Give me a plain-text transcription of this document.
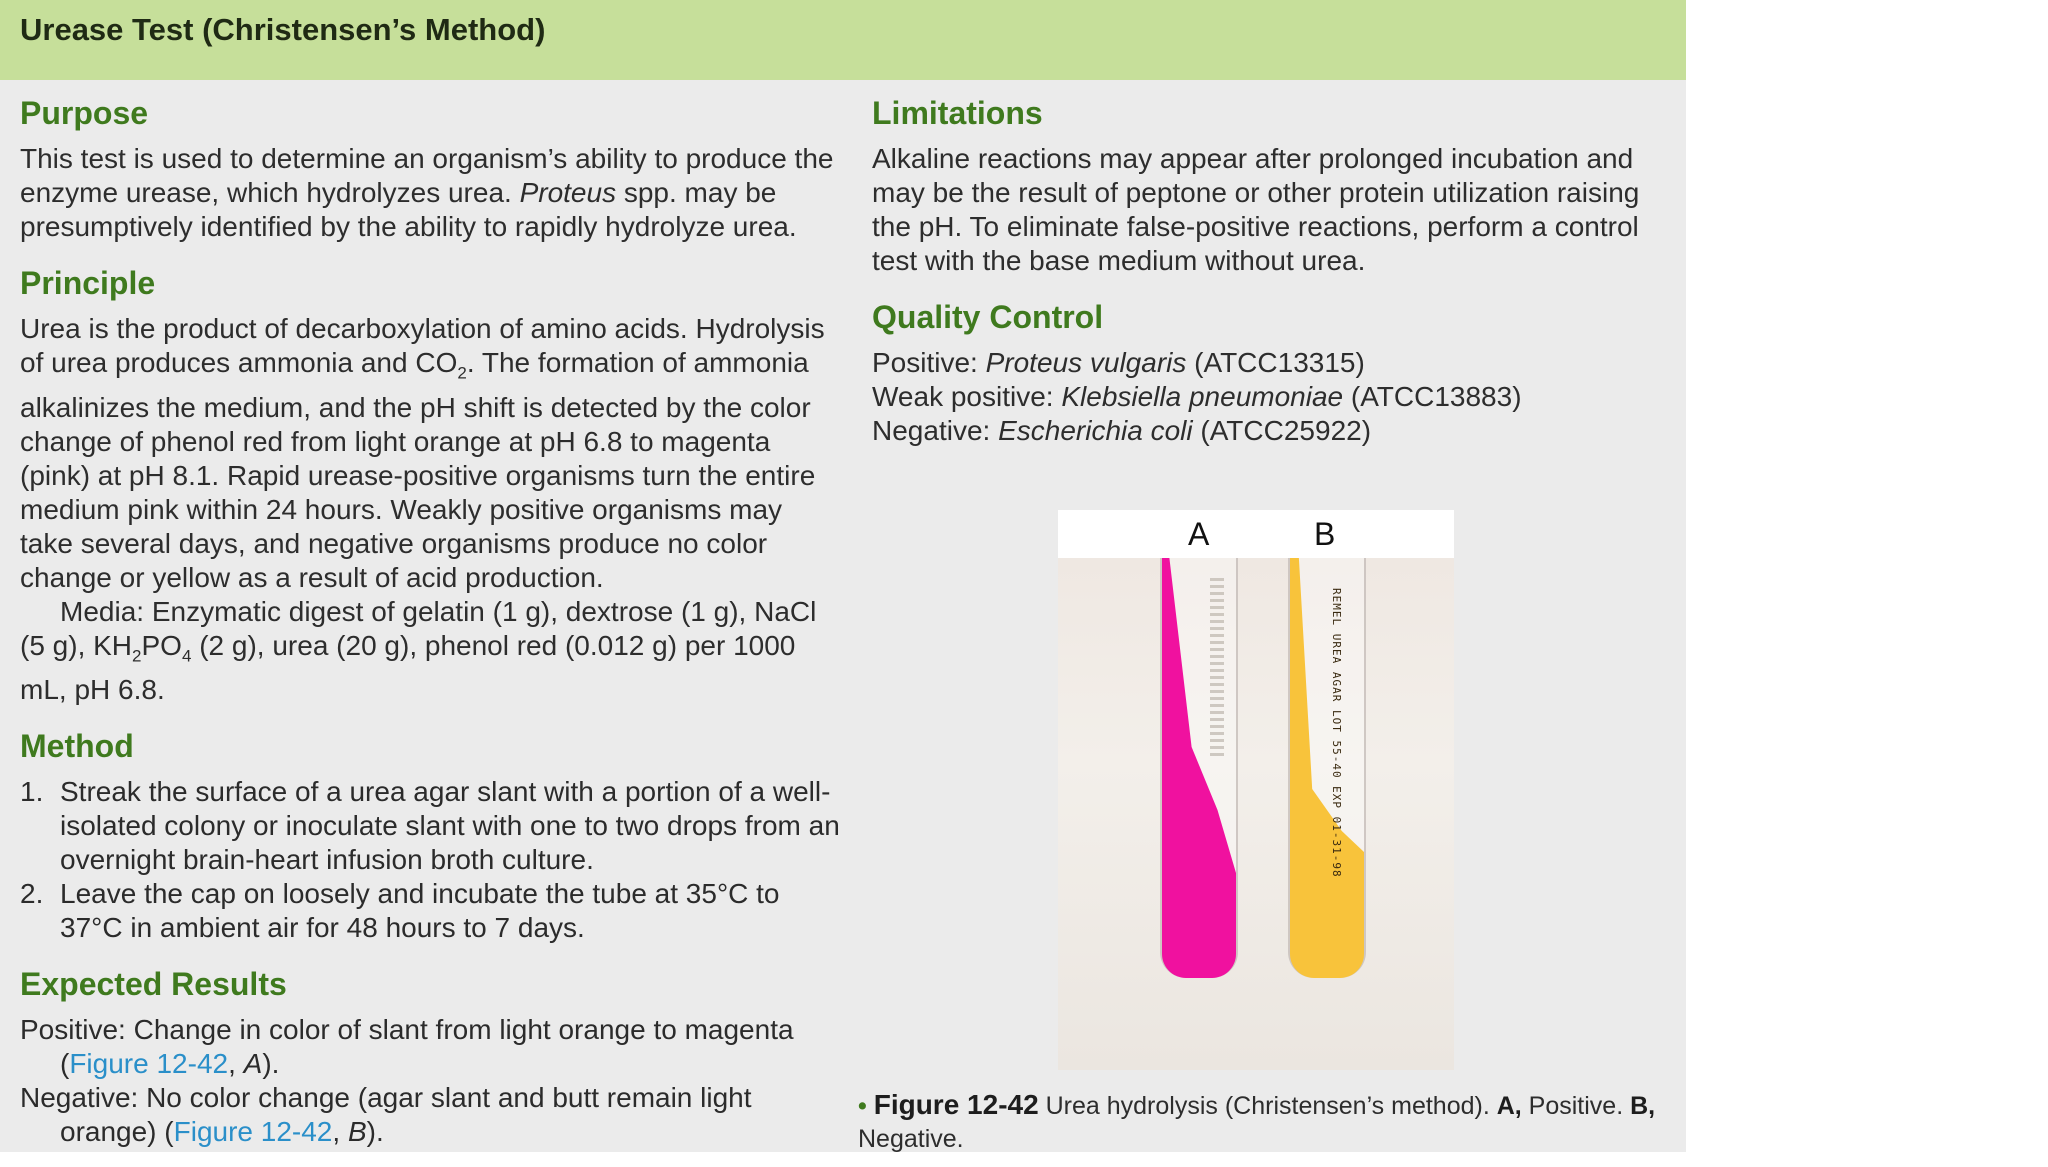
Urease Test (Christensen’s Method)
Purpose

This test is used to determine an organism’s ability to produce the enzyme urease, which hydrolyzes urea. Proteus spp. may be presumptively identified by the ability to rapidly hydrolyze urea.

Principle

Urea is the product of decarboxylation of amino acids. Hydrolysis of urea produces ammonia and $CO_2$. The formation of ammonia alkalinizes the medium, and the pH shift is detected by the color change of phenol red from light orange at pH 6.8 to magenta (pink) at pH 8.1. Rapid urease-positive organisms turn the entire medium pink within 24 hours. Weakly positive organisms may take several days, and negative organisms produce no color change or yellow as a result of acid production.

Media: Enzymatic digest of gelatin (1 g), dextrose (1 g), NaCl (5 g), $KH_2PO_4$ (2 g), urea (20 g), phenol red (0.012 g) per 1000 mL, pH 6.8.

Method
1. Streak the surface of a urea agar slant with a portion of a well-isolated colony or inoculate slant with one to two drops from an overnight brain-heart infusion broth culture.
2. Leave the cap on loosely and incubate the tube at 35°C to 37°C in ambient air for 48 hours to 7 days.
Expected Results

Positive: Change in color of slant from light orange to magenta (Figure 12-42, A).

Negative: No color change (agar slant and butt remain light orange) (Figure 12-42, B).

Limitations

Alkaline reactions may appear after prolonged incubation and may be the result of peptone or other protein utilization raising the pH. To eliminate false-positive reactions, perform a control test with the base medium without urea.

Quality Control

Positive: Proteus vulgaris (ATCC13315)

Weak positive: Klebsiella pneumoniae (ATCC13883)

Negative: Escherichia coli (ATCC25922)

A	B
REMEL UREA AGAR LOT 55-40 EXP 01-31-98
• Figure 12-42 Urea hydrolysis (Christensen’s method). A, Positive. B, Negative.
